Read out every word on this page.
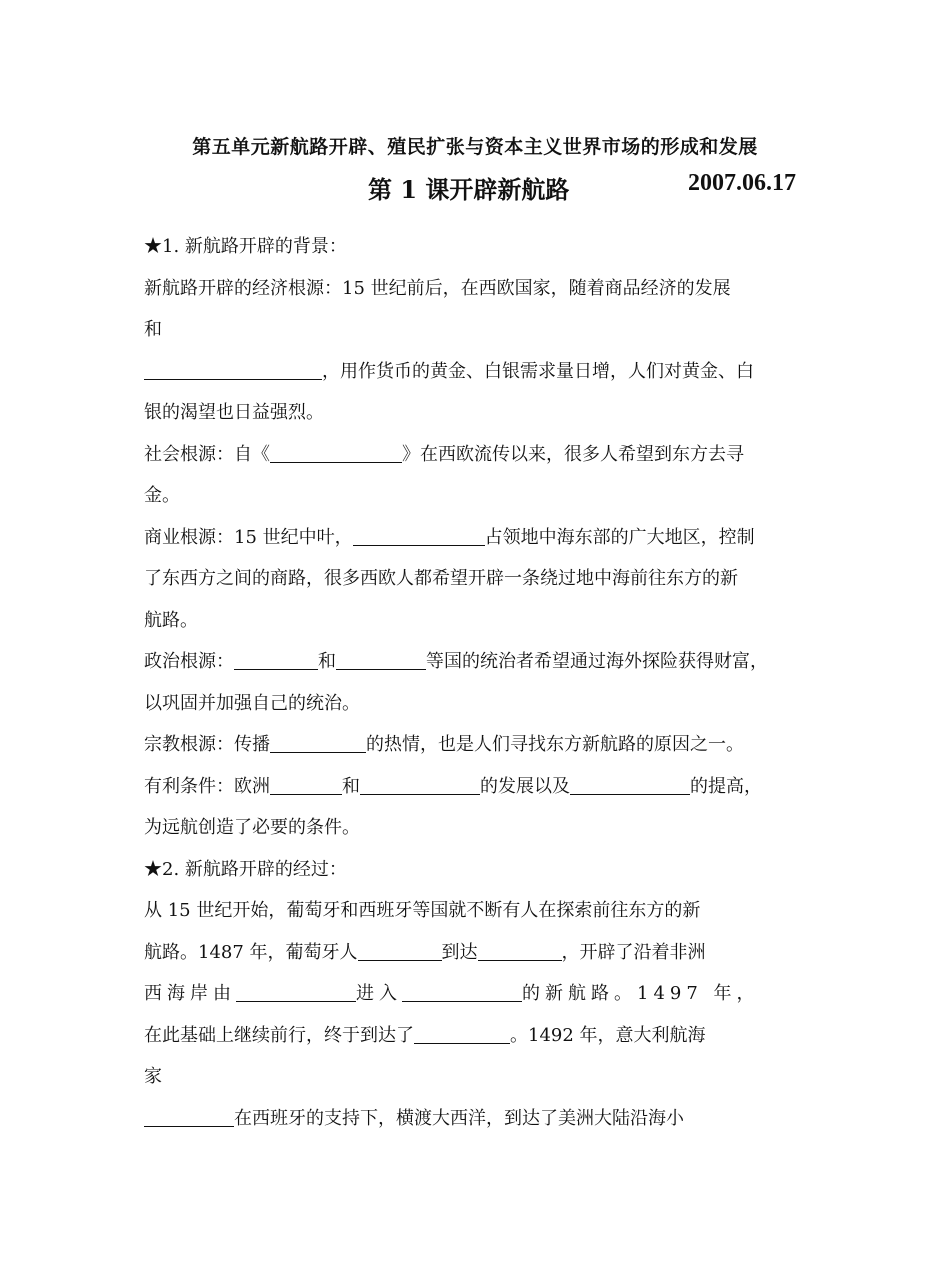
第五单元新航路开辟、殖民扩张与资本主义世界市场的形成和发展
第 1 课开辟新航路	2007.06.17
★1. 新航路开辟的背景：
新航路开辟的经济根源：15 世纪前后，在西欧国家，随着商品经济的发展
和
，用作货币的黄金、白银需求量日增，人们对黄金、白
银的渴望也日益强烈。
社会根源：自《	》在西欧流传以来，很多人希望到东方去寻
金。
商业根源：15 世纪中叶，	占领地中海东部的广大地区，控制
了东西方之间的商路，很多西欧人都希望开辟一条绕过地中海前往东方的新
航路。
政治根源：	和	等国的统治者希望通过海外探险获得财富，
以巩固并加强自己的统治。
宗教根源：传播	的热情，也是人们寻找东方新航路的原因之一。
有利条件：欧洲	和	的发展以及	的提高，
为远航创造了必要的条件。
★2. 新航路开辟的经过：
从 15 世纪开始，葡萄牙和西班牙等国就不断有人在探索前往东方的新
航路。1487 年，葡萄牙人	到达	，开辟了沿着非洲
西海岸由	进入	的新航路。1497 年，
在此基础上继续前行，终于到达了	。1492 年，意大利航海
家
在西班牙的支持下，横渡大西洋，到达了美洲大陆沿海小
